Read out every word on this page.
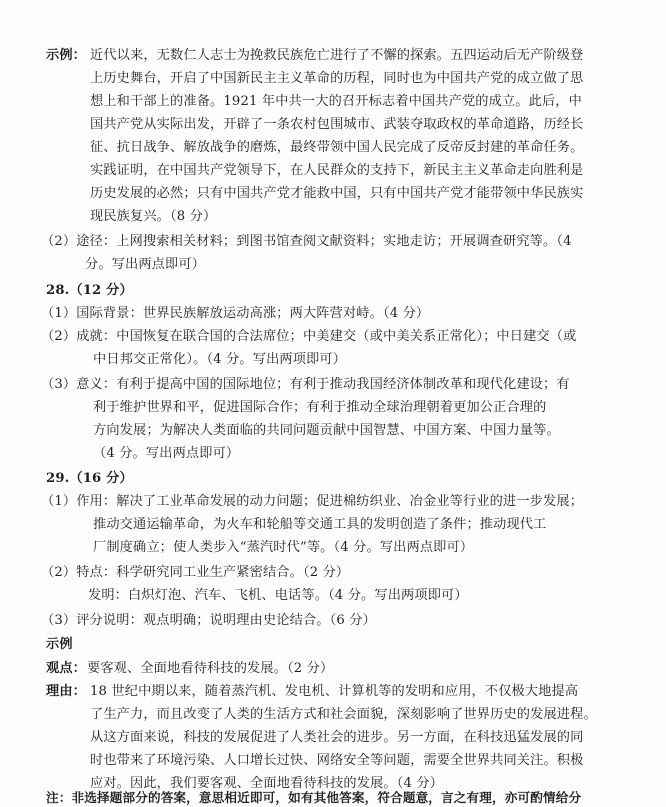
示例： 近代以来，无数仁人志士为挽救民族危亡进行了不懈的探索。五四运动后无产阶级登
上历史舞台，开启了中国新民主主义革命的历程，同时也为中国共产党的成立做了思
想上和干部上的准备。1921 年中共一大的召开标志着中国共产党的成立。此后，中
国共产党从实际出发，开辟了一条农村包围城市、武装夺取政权的革命道路，历经长
征、抗日战争、解放战争的磨炼，最终带领中国人民完成了反帝反封建的革命任务。
实践证明，在中国共产党领导下，在人民群众的支持下，新民主主义革命走向胜利是
历史发展的必然；只有中国共产党才能救中国，只有中国共产党才能带领中华民族实
现民族复兴。（8 分）
（2）途径：上网搜索相关材料；到图书馆查阅文献资料；实地走访；开展调查研究等。（4
分。写出两点即可）
28.（12 分）
（1）国际背景：世界民族解放运动高涨；两大阵营对峙。（4 分）
（2）成就：中国恢复在联合国的合法席位；中美建交（或中美关系正常化）；中日建交（或
中日邦交正常化）。（4 分。写出两项即可）
（3）意义：有利于提高中国的国际地位；有利于推动我国经济体制改革和现代化建设；有
利于维护世界和平，促进国际合作；有利于推动全球治理朝着更加公正合理的
方向发展；为解决人类面临的共同问题贡献中国智慧、中国方案、中国力量等。
（4 分。写出两点即可）
29.（16 分）
（1）作用：解决了工业革命发展的动力问题；促进棉纺织业、冶金业等行业的进一步发展；
推动交通运输革命，为火车和轮船等交通工具的发明创造了条件；推动现代工
厂制度确立；使人类步入“蒸汽时代”等。（4 分。写出两点即可）
（2）特点：科学研究同工业生产紧密结合。（2 分）
发明：白炽灯泡、汽车、飞机、电话等。（4 分。写出两项即可）
（3）评分说明：观点明确；说明理由史论结合。（6 分）
示例
观点： 要客观、全面地看待科技的发展。（2 分）
理由： 18 世纪中期以来，随着蒸汽机、发电机、计算机等的发明和应用，不仅极大地提高
了生产力，而且改变了人类的生活方式和社会面貌，深刻影响了世界历史的发展进程。
从这方面来说，科技的发展促进了人类社会的进步。另一方面，在科技迅猛发展的同
时也带来了环境污染、人口增长过快、网络安全等问题，需要全世界共同关注。积极
应对。因此，我们要客观、全面地看待科技的发展。（4 分）
注：非选择题部分的答案，意思相近即可，如有其他答案，符合题意，言之有理，亦可酌情给分
